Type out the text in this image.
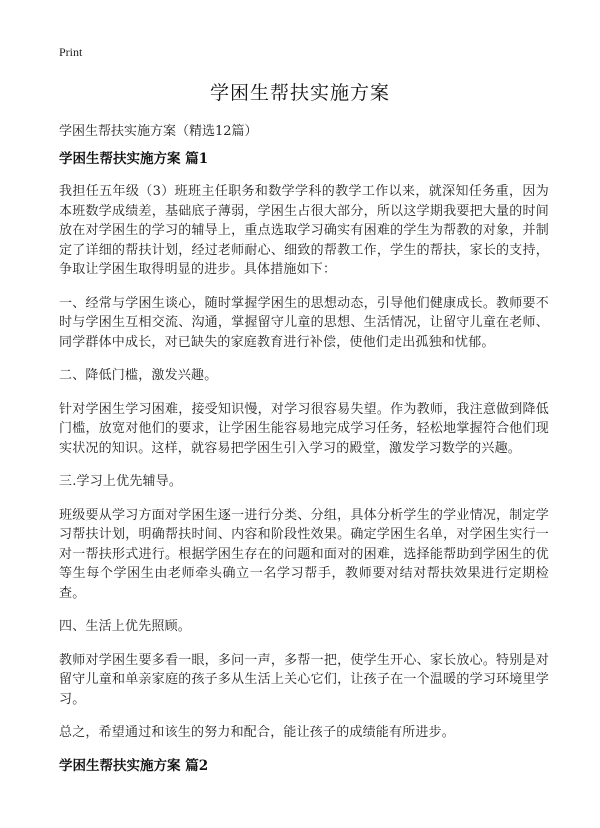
Print
学困生帮扶实施方案
学困生帮扶实施方案（精选12篇）
学困生帮扶实施方案 篇1

我担任五年级（3）班班主任职务和数学学科的教学工作以来，就深知任务重，因为本班数学成绩差，基础底子薄弱，学困生占很大部分，所以这学期我要把大量的时间放在对学困生的学习的辅导上，重点选取学习确实有困难的学生为帮教的对象，并制定了详细的帮扶计划，经过老师耐心、细致的帮教工作，学生的帮扶，家长的支持，争取让学困生取得明显的进步。具体措施如下：

一、经常与学困生谈心，随时掌握学困生的思想动态，引导他们健康成长。教师要不时与学困生互相交流、沟通，掌握留守儿童的思想、生活情况，让留守儿童在老师、同学群体中成长，对已缺失的家庭教育进行补偿，使他们走出孤独和忧郁。

二、降低门槛，激发兴趣。

针对学困生学习困难，接受知识慢，对学习很容易失望。作为教师，我注意做到降低门槛，放宽对他们的要求，让学困生能容易地完成学习任务，轻松地掌握符合他们现实状况的知识。这样，就容易把学困生引入学习的殿堂，激发学习数学的兴趣。

三.学习上优先辅导。

班级要从学习方面对学困生逐一进行分类、分组，具体分析学生的学业情况，制定学习帮扶计划，明确帮扶时间、内容和阶段性效果。确定学困生名单，对学困生实行一对一帮扶形式进行。根据学困生存在的问题和面对的困难，选择能帮助到学困生的优等生每个学困生由老师牵头确立一名学习帮手，教师要对结对帮扶效果进行定期检查。

四、生活上优先照顾。

教师对学困生要多看一眼，多问一声，多帮一把，使学生开心、家长放心。特别是对留守儿童和单亲家庭的孩子多从生活上关心它们，让孩子在一个温暖的学习环境里学习。

总之，希望通过和该生的努力和配合，能让孩子的成绩能有所进步。

学困生帮扶实施方案 篇2
